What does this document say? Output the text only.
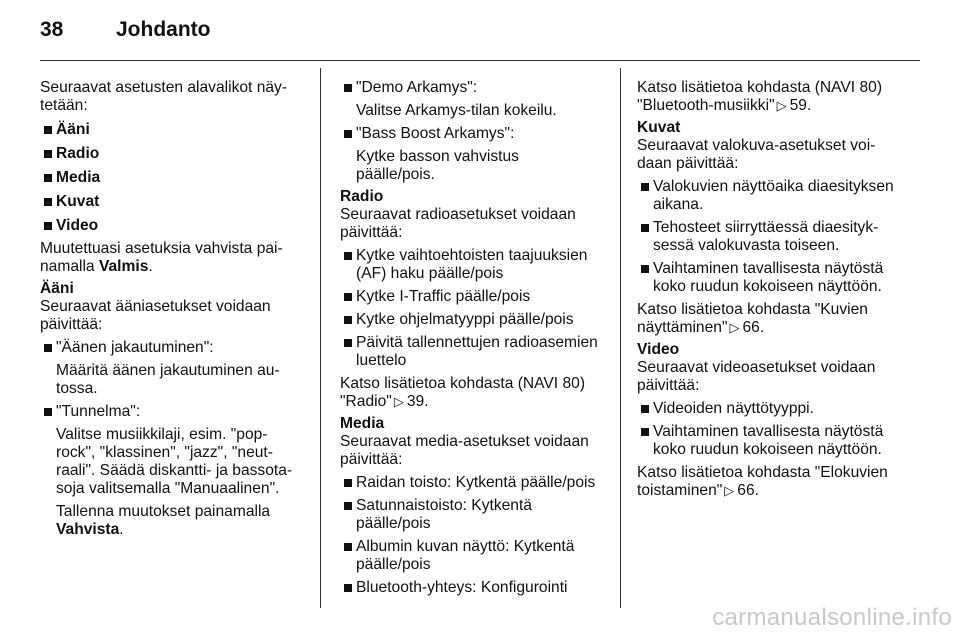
38	Johdanto

Seuraavat asetusten alavalikot näy-tetään:

Ääni
Radio
Media
Kuvat
Video

Muutettuasi asetuksia vahvista pai-namalla Valmis.

Ääni

Seuraavat ääniasetukset voidaan päivittää:

"Äänen jakautuminen":

Määritä äänen jakautuminen au-tossa.

"Tunnelma":

Valitse musiikkilaji, esim. "pop-rock", "klassinen", "jazz", "neut-raali". Säädä diskantti- ja bassota-soja valitsemalla "Manuaalinen".

Tallenna muutokset painamalla Vahvista.

"Demo Arkamys":

Valitse Arkamys-tilan kokeilu.

"Bass Boost Arkamys":

Kytke basson vahvistus päälle/pois.

Radio

Seuraavat radioasetukset voidaan päivittää:

Kytke vaihtoehtoisten taajuuksien (AF) haku päälle/pois
Kytke I-Traffic päälle/pois
Kytke ohjelmatyyppi päälle/pois
Päivitä tallennettujen radioasemien luettelo

Katso lisätietoa kohdasta (NAVI 80) "Radio" ▷ 39.

Media

Seuraavat media-asetukset voidaan päivittää:

Raidan toisto: Kytkentä päälle/pois
Satunnaistoisto: Kytkentä päälle/pois
Albumin kuvan näyttö: Kytkentä päälle/pois
Bluetooth-yhteys: Konfigurointi

Katso lisätietoa kohdasta (NAVI 80) "Bluetooth-musiikki" ▷ 59.

Kuvat

Seuraavat valokuva-asetukset voi-daan päivittää:

Valokuvien näyttöaika diaesityksen aikana.
Tehosteet siirryttäessä diaesityk-sessä valokuvasta toiseen.
Vaihtaminen tavallisesta näytöstä koko ruudun kokoiseen näyttöön.

Katso lisätietoa kohdasta "Kuvien näyttäminen" ▷ 66.

Video

Seuraavat videoasetukset voidaan päivittää:

Videoiden näyttötyyppi.
Vaihtaminen tavallisesta näytöstä koko ruudun kokoiseen näyttöön.

Katso lisätietoa kohdasta "Elokuvien toistaminen" ▷ 66.

carmanualsonline.info
